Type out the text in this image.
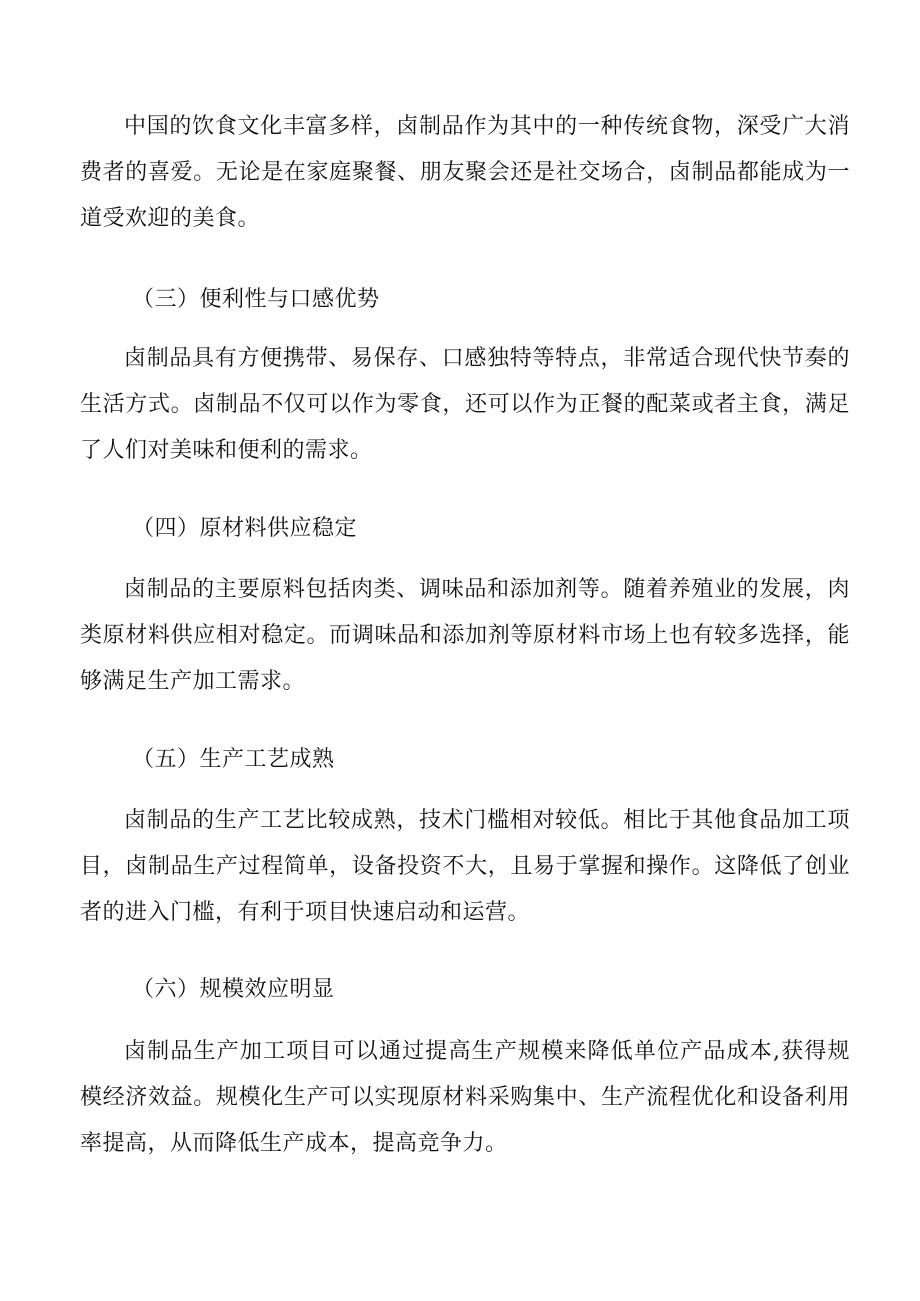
中国的饮食文化丰富多样，卤制品作为其中的一种传统食物，深受广大消费者的喜爱。无论是在家庭聚餐、朋友聚会还是社交场合，卤制品都能成为一道受欢迎的美食。

（三）便利性与口感优势

卤制品具有方便携带、易保存、口感独特等特点，非常适合现代快节奏的生活方式。卤制品不仅可以作为零食，还可以作为正餐的配菜或者主食，满足了人们对美味和便利的需求。

（四）原材料供应稳定

卤制品的主要原料包括肉类、调味品和添加剂等。随着养殖业的发展，肉类原材料供应相对稳定。而调味品和添加剂等原材料市场上也有较多选择，能够满足生产加工需求。

（五）生产工艺成熟

卤制品的生产工艺比较成熟，技术门槛相对较低。相比于其他食品加工项目，卤制品生产过程简单，设备投资不大，且易于掌握和操作。这降低了创业者的进入门槛，有利于项目快速启动和运营。

（六）规模效应明显

卤制品生产加工项目可以通过提高生产规模来降低单位产品成本,获得规模经济效益。规模化生产可以实现原材料采购集中、生产流程优化和设备利用率提高，从而降低生产成本，提高竞争力。
